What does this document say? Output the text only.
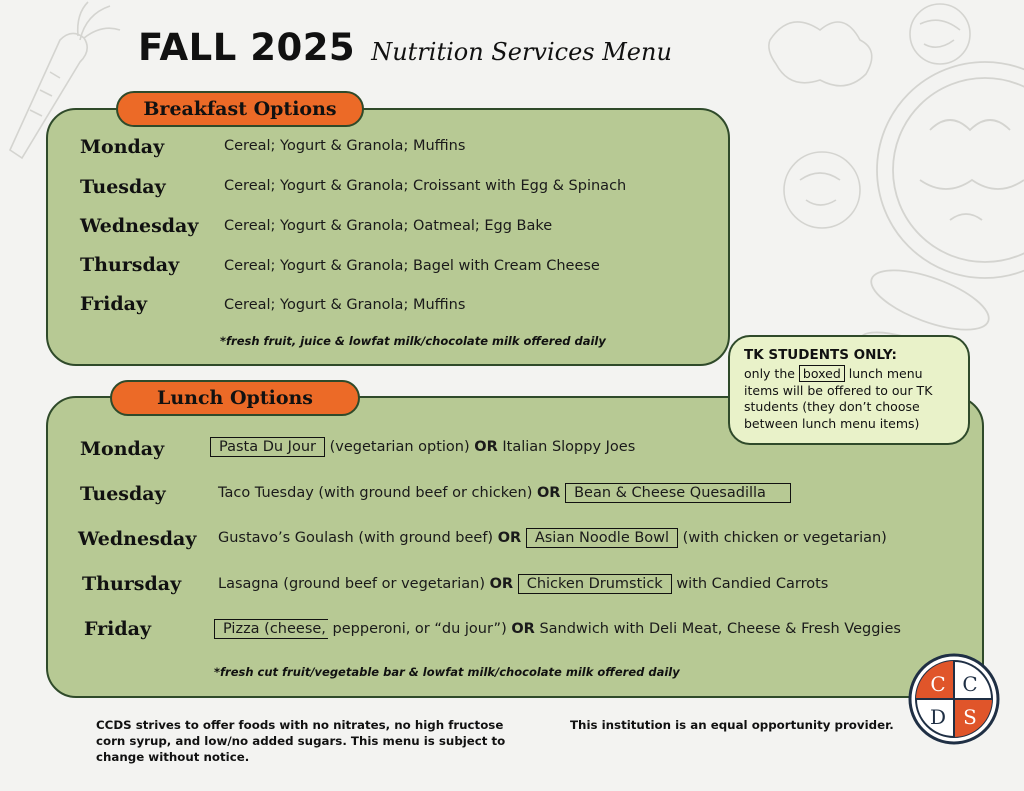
FALL 2025 Nutrition Services Menu
Breakfast Options
Monday	Cereal; Yogurt & Granola; Muffins
Tuesday	Cereal; Yogurt & Granola; Croissant with Egg & Spinach
Wednesday Cereal; Yogurt & Granola; Oatmeal; Egg Bake
Thursday	Cereal; Yogurt & Granola; Bagel with Cream Cheese
Friday	Cereal; Yogurt & Granola; Muffins
*fresh fruit, juice & lowfat milk/chocolate milk offered daily
Lunch Options
Monday	Pasta Du Jour (vegetarian option) OR Italian Sloppy Joes
Tuesday	Taco Tuesday (with ground beef or chicken) OR Bean & Cheese Quesadilla
Wednesday Gustavo’s Goulash (with ground beef) OR Asian Noodle Bowl (with chicken or vegetarian)
Thursday	Lasagna (ground beef or vegetarian) OR Chicken Drumstick with Candied Carrots
Friday	Pizza (cheese, pepperoni, or “du jour”) OR Sandwich with Deli Meat, Cheese & Fresh Veggies
*fresh cut fruit/vegetable bar & lowfat milk/chocolate milk offered daily
TK STUDENTS ONLY:
only the boxed lunch menu items will be offered to our TK students (they don’t choose between lunch menu items)
CCDS strives to offer foods with no nitrates, no high fructose corn syrup, and low/no added sugars. This menu is subject to change without notice.
This institution is an equal opportunity provider.
C C
D S
